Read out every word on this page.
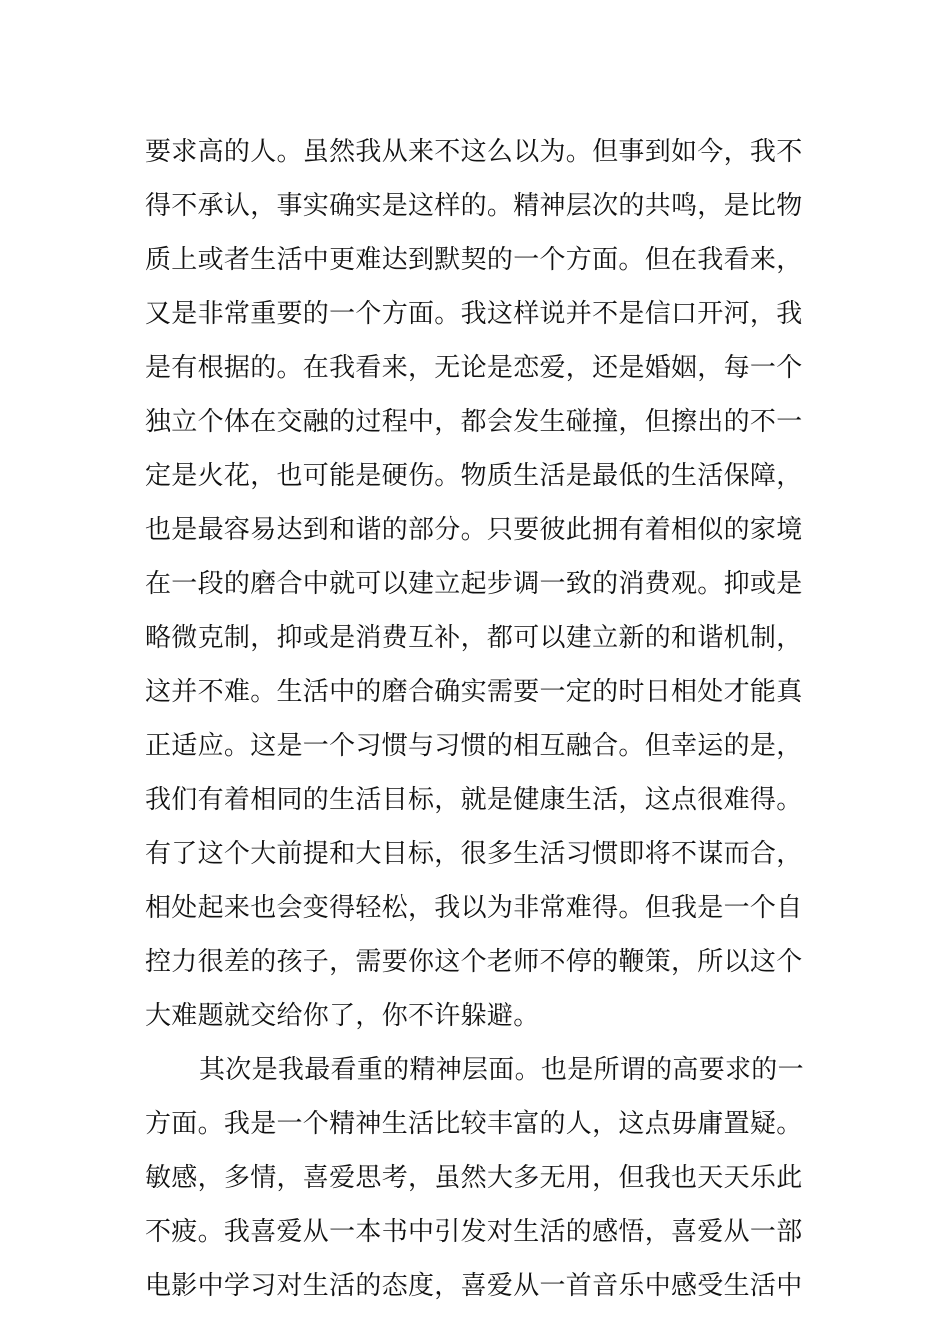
要求高的人。虽然我从来不这么以为。但事到如今，我不
得不承认，事实确实是这样的。精神层次的共鸣，是比物
质上或者生活中更难达到默契的一个方面。但在我看来，
又是非常重要的一个方面。我这样说并不是信口开河，我
是有根据的。在我看来，无论是恋爱，还是婚姻，每一个
独立个体在交融的过程中，都会发生碰撞，但擦出的不一
定是火花，也可能是硬伤。物质生活是最低的生活保障，
也是最容易达到和谐的部分。只要彼此拥有着相似的家境
在一段的磨合中就可以建立起步调一致的消费观。抑或是
略微克制，抑或是消费互补，都可以建立新的和谐机制，
这并不难。生活中的磨合确实需要一定的时日相处才能真
正适应。这是一个习惯与习惯的相互融合。但幸运的是，
我们有着相同的生活目标，就是健康生活，这点很难得。
有了这个大前提和大目标，很多生活习惯即将不谋而合，
相处起来也会变得轻松，我以为非常难得。但我是一个自
控力很差的孩子，需要你这个老师不停的鞭策，所以这个
大难题就交给你了，你不许躲避。
其次是我最看重的精神层面。也是所谓的高要求的一
方面。我是一个精神生活比较丰富的人，这点毋庸置疑。
敏感，多情，喜爱思考，虽然大多无用，但我也天天乐此
不疲。我喜爱从一本书中引发对生活的感悟，喜爱从一部
电影中学习对生活的态度，喜爱从一首音乐中感受生活中
